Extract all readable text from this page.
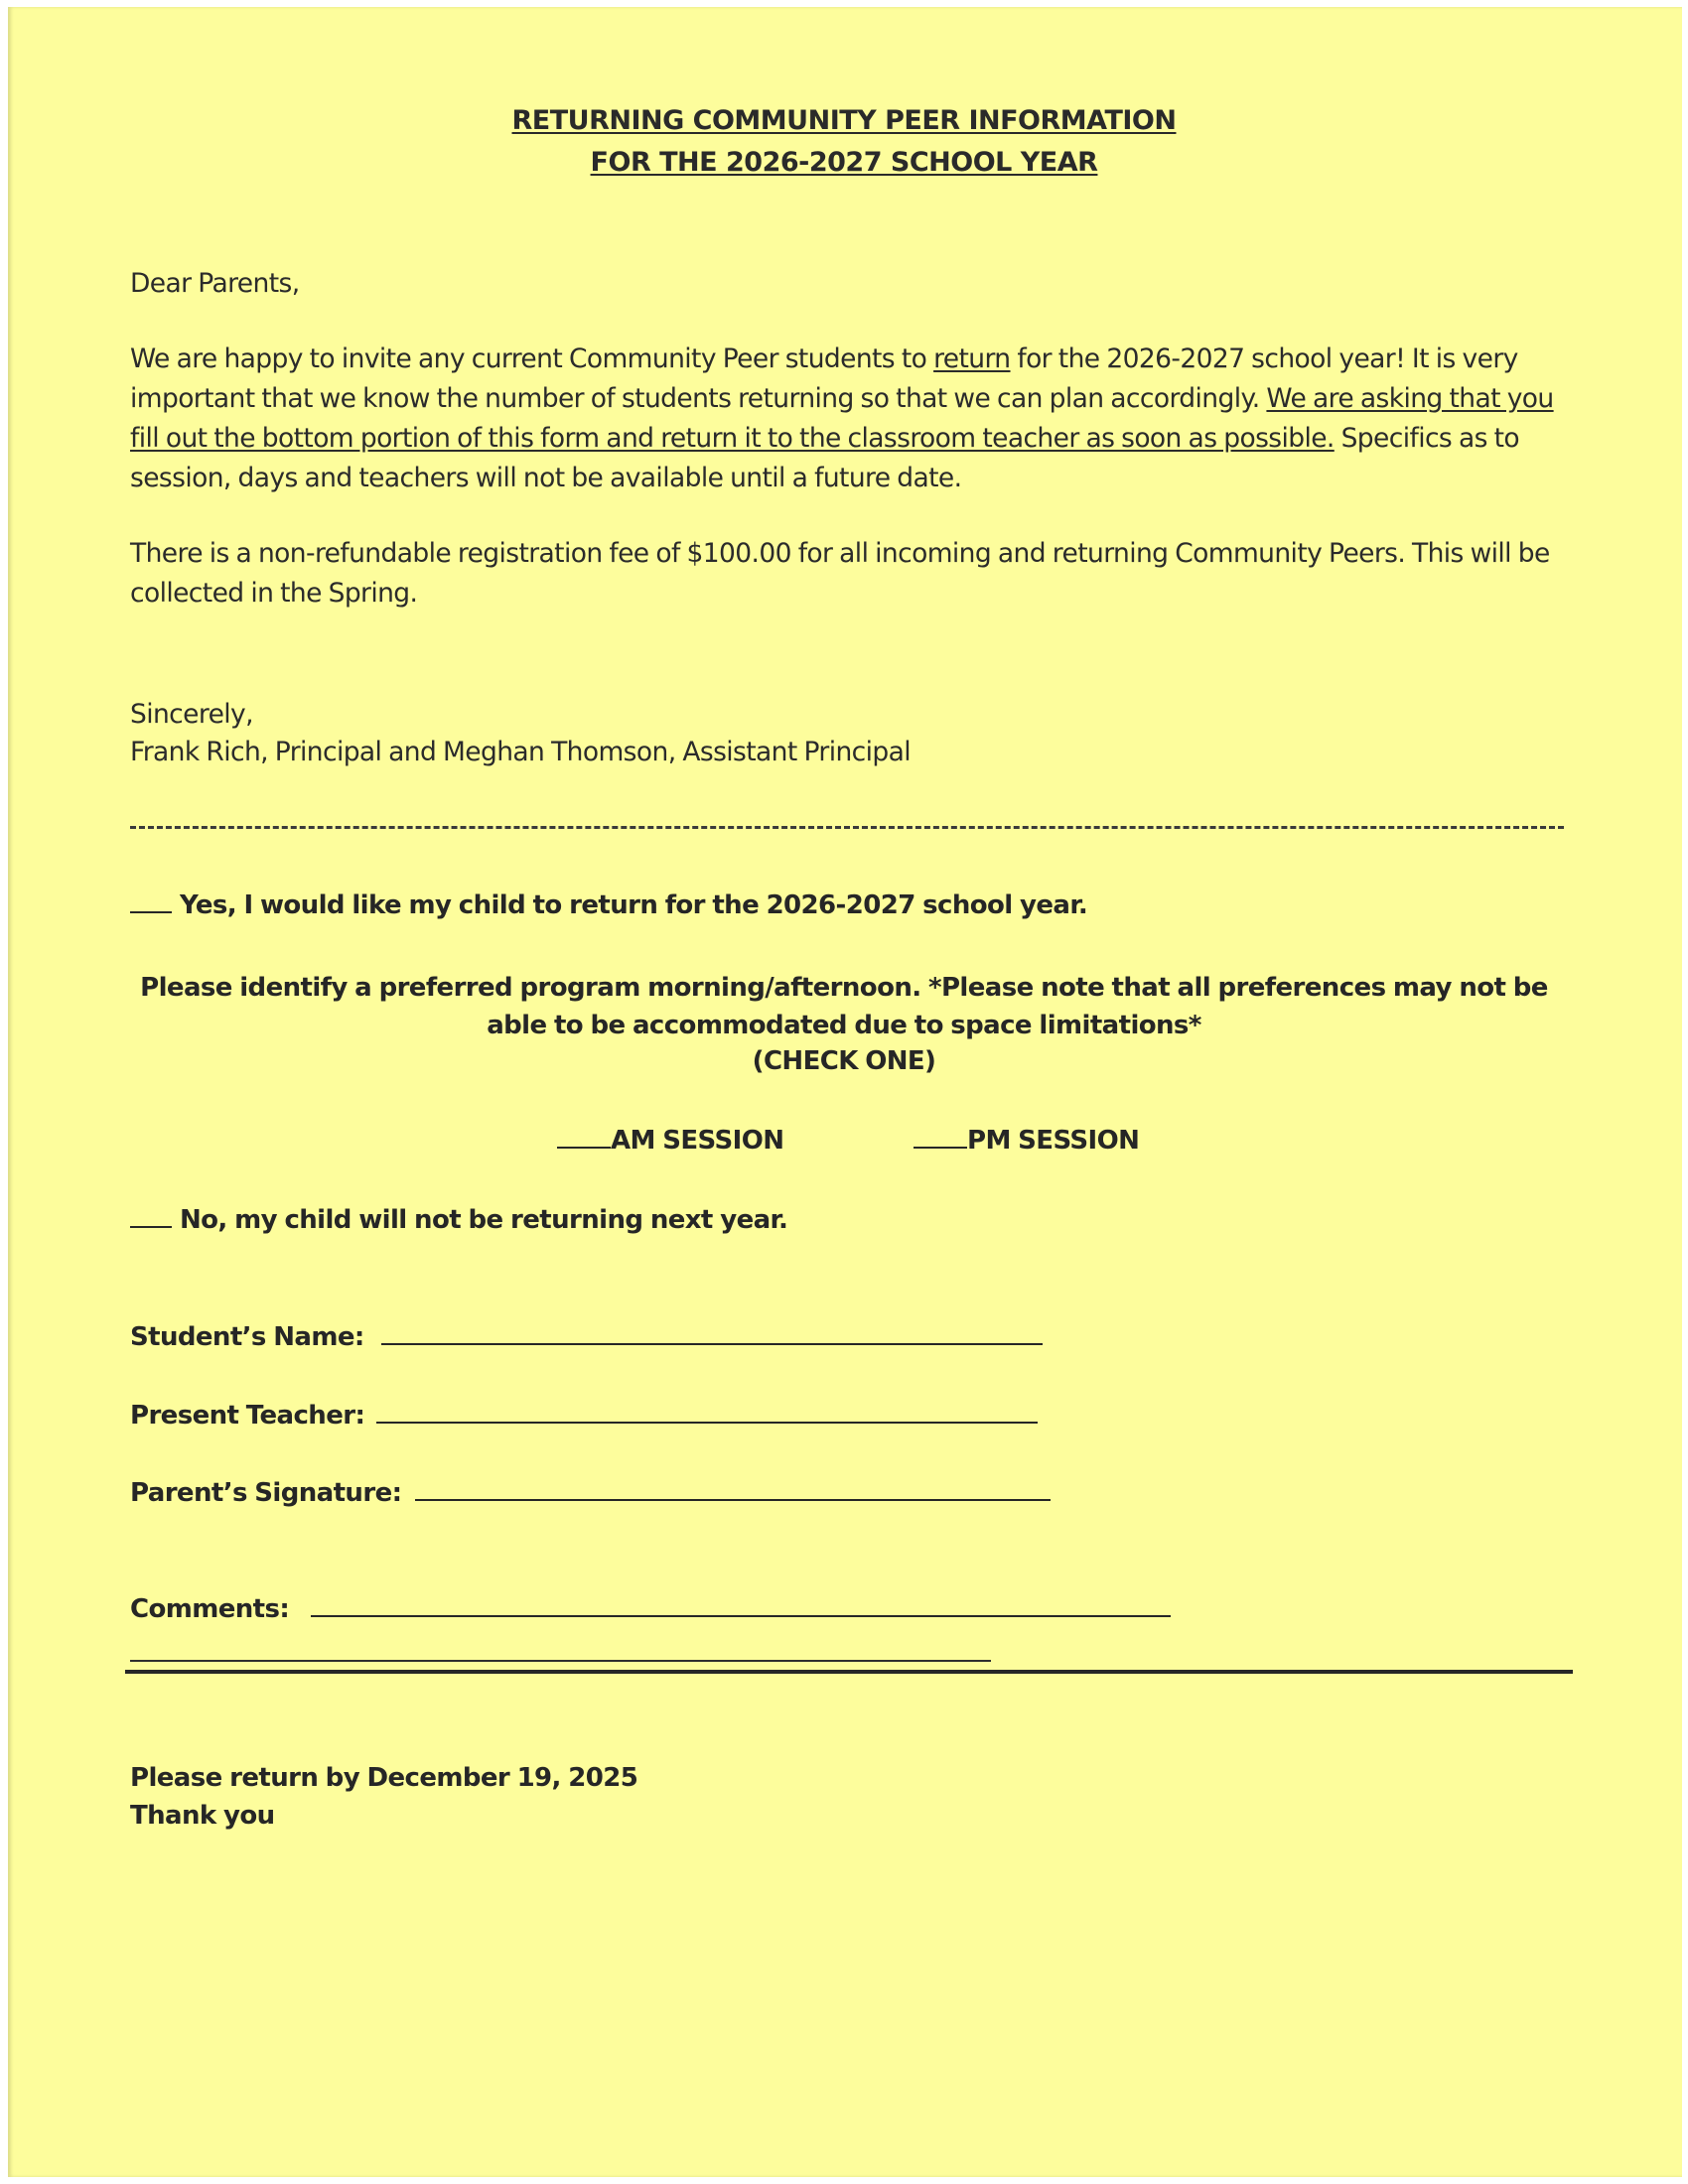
RETURNING COMMUNITY PEER INFORMATION
FOR THE 2026-2027 SCHOOL YEAR
Dear Parents,
We are happy to invite any current Community Peer students to return for the 2026-2027 school year! It is very important that we know the number of students returning so that we can plan accordingly. We are asking that you fill out the bottom portion of this form and return it to the classroom teacher as soon as possible. Specifics as to session, days and teachers will not be available until a future date.
There is a non-refundable registration fee of $100.00 for all incoming and returning Community Peers. This will be collected in the Spring.
Sincerely,
Frank Rich, Principal and Meghan Thomson, Assistant Principal
Yes, I would like my child to return for the 2026-2027 school year.
Please identify a preferred program morning/afternoon. *Please note that all preferences may not be able to be accommodated due to space limitations*
(CHECK ONE)
AM SESSION	PM SESSION
No, my child will not be returning next year.
Student’s Name:
Present Teacher:
Parent’s Signature:
Comments:
Please return by December 19, 2025
Thank you
